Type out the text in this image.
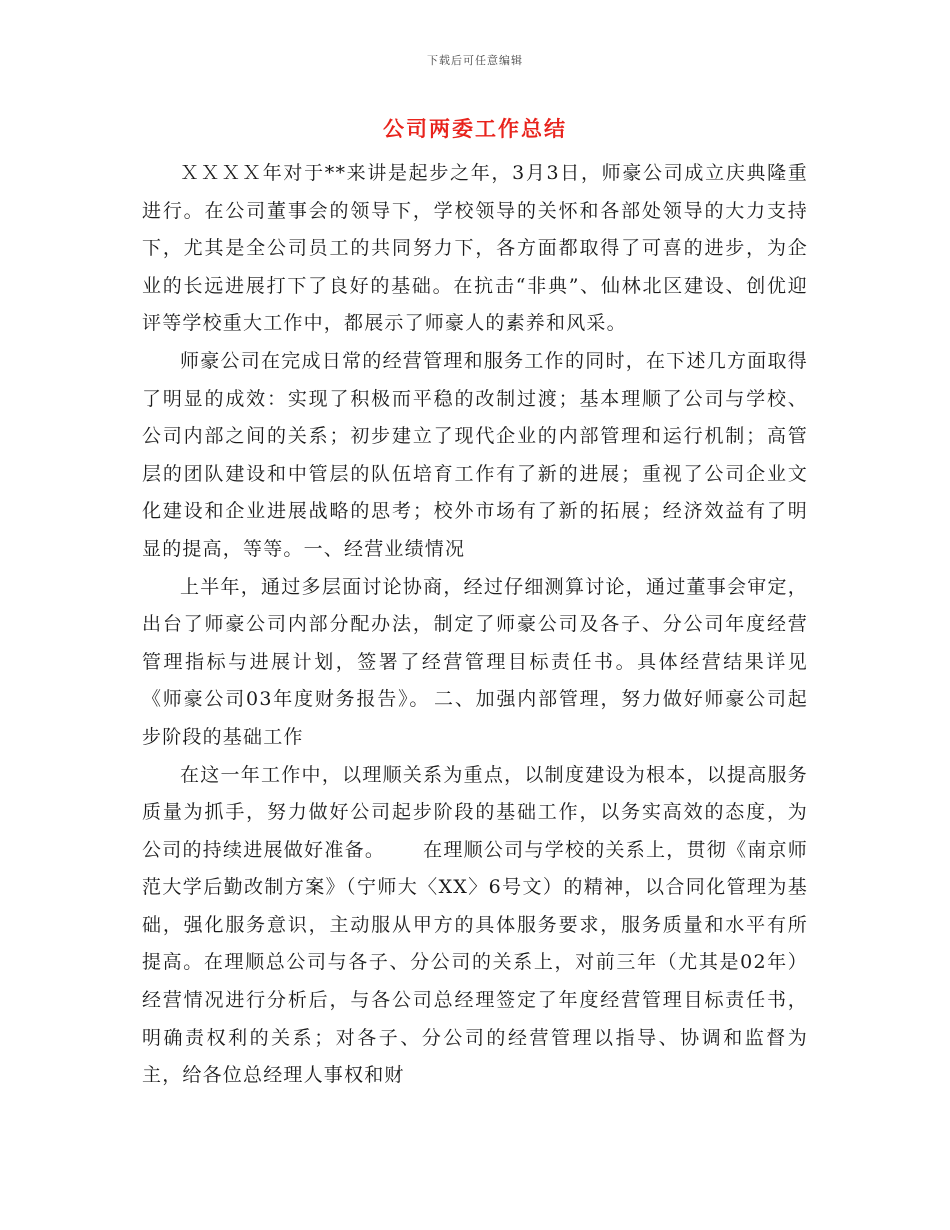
下载后可任意编辑
公司两委工作总结

ＸＸＸＸ年对于**来讲是起步之年，3月3日，师豪公司成立庆典隆重进行。在公司董事会的领导下，学校领导的关怀和各部处领导的大力支持下，尤其是全公司员工的共同努力下，各方面都取得了可喜的进步，为企业的长远进展打下了良好的基础。在抗击“非典”、仙林北区建设、创优迎评等学校重大工作中，都展示了师豪人的素养和风采。

师豪公司在完成日常的经营管理和服务工作的同时，在下述几方面取得了明显的成效：实现了积极而平稳的改制过渡；基本理顺了公司与学校、公司内部之间的关系；初步建立了现代企业的内部管理和运行机制；高管层的团队建设和中管层的队伍培育工作有了新的进展；重视了公司企业文化建设和企业进展战略的思考；校外市场有了新的拓展；经济效益有了明显的提高，等等。一、经营业绩情况

上半年，通过多层面讨论协商，经过仔细测算讨论，通过董事会审定，出台了师豪公司内部分配办法，制定了师豪公司及各子、分公司年度经营管理指标与进展计划，签署了经营管理目标责任书。具体经营结果详见《师豪公司03年度财务报告》。 二、加强内部管理，努力做好师豪公司起步阶段的基础工作

在这一年工作中，以理顺关系为重点，以制度建设为根本，以提高服务质量为抓手，努力做好公司起步阶段的基础工作，以务实高效的态度，为公司的持续进展做好准备。 在理顺公司与学校的关系上，贯彻《南京师范大学后勤改制方案》（宁师大〈XX〉6号文）的精神，以合同化管理为基础，强化服务意识，主动服从甲方的具体服务要求，服务质量和水平有所提高。在理顺总公司与各子、分公司的关系上，对前三年（尤其是02年）经营情况进行分析后，与各公司总经理签定了年度经营管理目标责任书，明确责权利的关系；对各子、分公司的经营管理以指导、协调和监督为主，给各位总经理人事权和财
